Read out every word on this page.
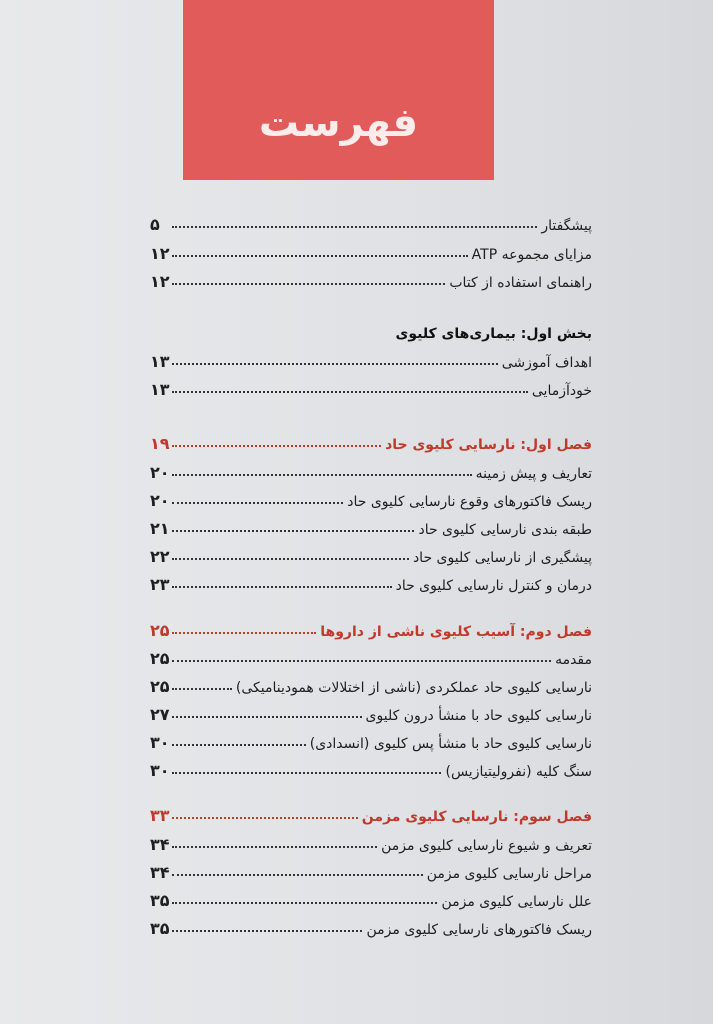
فهرست
پیشگفتار
۵
مزایای مجموعه ATP
۱۲
راهنمای استفاده از کتاب
۱۲
بخش اول: بیماری‌های کلیوی
اهداف آموزشی
۱۳
خودآزمایی
۱۳
فصل اول: نارسایی کلیوی حاد
۱۹
تعاریف و پیش زمینه
۲۰
ریسک فاکتورهای وقوع نارسایی کلیوی حاد
۲۰
طبقه بندی نارسایی کلیوی حاد
۲۱
پیشگیری از نارسایی کلیوی حاد
۲۲
درمان و کنترل نارسایی کلیوی حاد
۲۳
فصل دوم: آسیب کلیوی ناشی از داروها
۲۵
مقدمه
۲۵
نارسایی کلیوی حاد عملکردی (ناشی از اختلالات همودینامیکی)
۲۵
نارسایی کلیوی حاد با منشأ درون کلیوی
۲۷
نارسایی کلیوی حاد با منشأ پس کلیوی (انسدادی)
۳۰
سنگ کلیه (نفرولیتیازیس)
۳۰
فصل سوم: نارسایی کلیوی مزمن
۳۳
تعریف و شیوع نارسایی کلیوی مزمن
۳۴
مراحل نارسایی کلیوی مزمن
۳۴
علل نارسایی کلیوی مزمن
۳۵
ریسک فاکتورهای نارسایی کلیوی مزمن
۳۵
